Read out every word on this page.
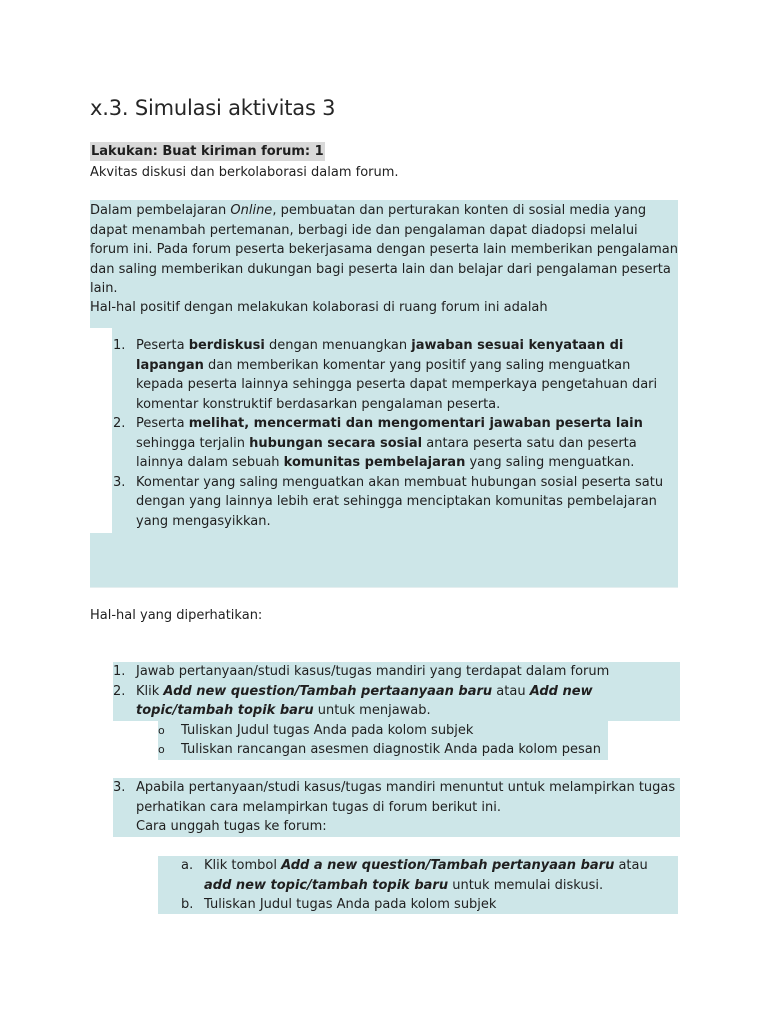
x.3. Simulasi aktivitas 3
Lakukan: Buat kiriman forum: 1
Akvitas diskusi dan berkolaborasi dalam forum.
Dalam pembelajaran Online, pembuatan dan perturakan konten di sosial media yang dapat menambah pertemanan, berbagi ide dan pengalaman dapat diadopsi melalui forum ini. Pada forum peserta bekerjasama dengan peserta lain memberikan pengalaman dan saling memberikan dukungan bagi peserta lain dan belajar dari pengalaman peserta lain.
Hal-hal positif dengan melakukan kolaborasi di ruang forum ini adalah
1. Peserta berdiskusi dengan menuangkan jawaban sesuai kenyataan di lapangan dan memberikan komentar yang positif yang saling menguatkan kepada peserta lainnya sehingga peserta dapat memperkaya pengetahuan dari komentar konstruktif berdasarkan pengalaman peserta.
2. Peserta melihat, mencermati dan mengomentari jawaban peserta lain sehingga terjalin hubungan secara sosial antara peserta satu dan peserta lainnya dalam sebuah komunitas pembelajaran yang saling menguatkan.
3. Komentar yang saling menguatkan akan membuat hubungan sosial peserta satu dengan yang lainnya lebih erat sehingga menciptakan komunitas pembelajaran yang mengasyikkan.
Hal-hal yang diperhatikan:
1. Jawab pertanyaan/studi kasus/tugas mandiri yang terdapat dalam forum
2. Klik Add new question/Tambah pertaanyaan baru atau Add new topic/tambah topik baru untuk menjawab.
o	Tuliskan Judul tugas Anda pada kolom subjek
o	Tuliskan rancangan asesmen diagnostik Anda pada kolom pesan
3. Apabila pertanyaan/studi kasus/tugas mandiri menuntut untuk melampirkan tugas perhatikan cara melampirkan tugas di forum berikut ini.
Cara unggah tugas ke forum:
a. Klik tombol Add a new question/Tambah pertanyaan baru atau add new topic/tambah topik baru untuk memulai diskusi.
b. Tuliskan Judul tugas Anda pada kolom subjek
